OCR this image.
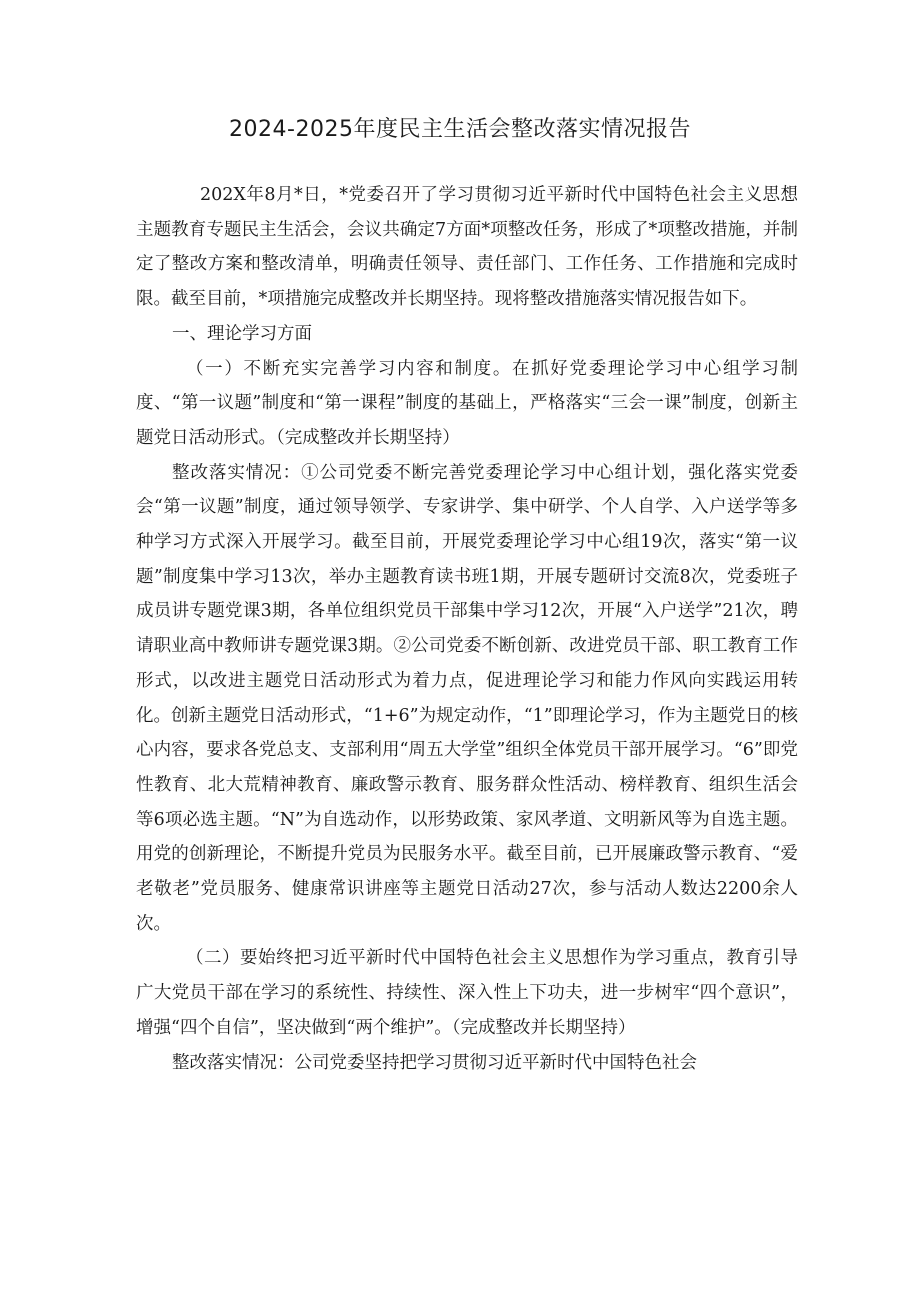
2024-2025年度民主生活会整改落实情况报告

202X年8月*日，*党委召开了学习贯彻习近平新时代中国特色社会主义思想主题教育专题民主生活会，会议共确定7方面*项整改任务，形成了*项整改措施，并制定了整改方案和整改清单，明确责任领导、责任部门、工作任务、工作措施和完成时限。截至目前，*项措施完成整改并长期坚持。现将整改措施落实情况报告如下。

一、理论学习方面

（一）不断充实完善学习内容和制度。在抓好党委理论学习中心组学习制度、“第一议题”制度和“第一课程”制度的基础上，严格落实“三会一课”制度，创新主题党日活动形式。（完成整改并长期坚持）

整改落实情况：①公司党委不断完善党委理论学习中心组计划，强化落实党委会“第一议题”制度，通过领导领学、专家讲学、集中研学、个人自学、入户送学等多种学习方式深入开展学习。截至目前，开展党委理论学习中心组19次，落实“第一议题”制度集中学习13次，举办主题教育读书班1期，开展专题研讨交流8次，党委班子成员讲专题党课3期，各单位组织党员干部集中学习12次，开展“入户送学”21次，聘请职业高中教师讲专题党课3期。②公司党委不断创新、改进党员干部、职工教育工作形式，以改进主题党日活动形式为着力点，促进理论学习和能力作风向实践运用转化。创新主题党日活动形式，“1+6”为规定动作，“1”即理论学习，作为主题党日的核心内容，要求各党总支、支部利用“周五大学堂”组织全体党员干部开展学习。“6”即党性教育、北大荒精神教育、廉政警示教育、服务群众性活动、榜样教育、组织生活会等6项必选主题。“N”为自选动作，以形势政策、家风孝道、文明新风等为自选主题。用党的创新理论，不断提升党员为民服务水平。截至目前，已开展廉政警示教育、“爱老敬老”党员服务、健康常识讲座等主题党日活动27次，参与活动人数达2200余人次。

（二）要始终把习近平新时代中国特色社会主义思想作为学习重点，教育引导广大党员干部在学习的系统性、持续性、深入性上下功夫，进一步树牢“四个意识”，增强“四个自信”，坚决做到“两个维护”。（完成整改并长期坚持）

整改落实情况：公司党委坚持把学习贯彻习近平新时代中国特色社会
